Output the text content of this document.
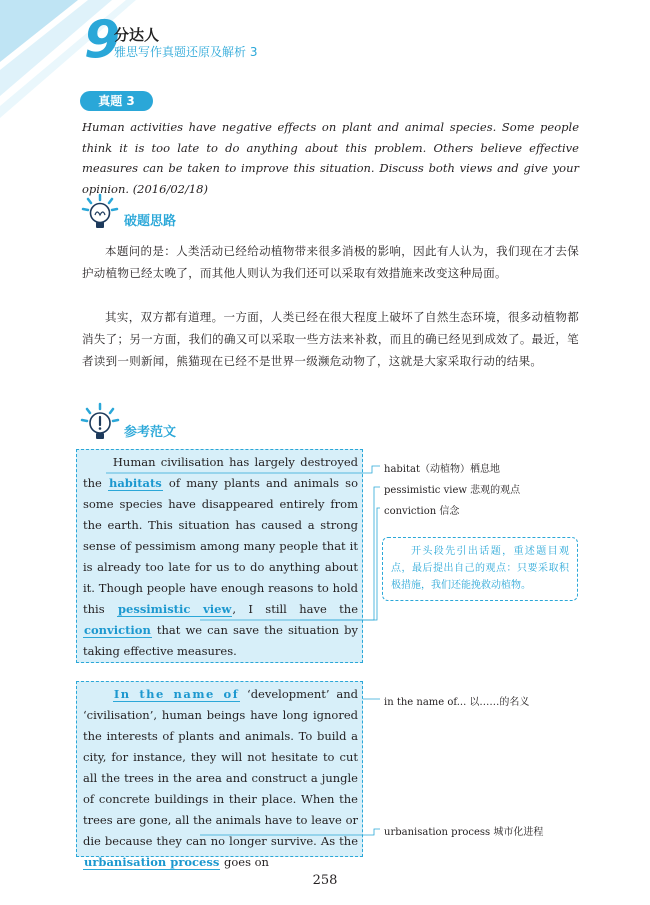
9
分达人
雅思写作真题还原及解析 3
真题 3
Human activities have negative effects on plant and animal species. Some people think it is too late to do anything about this problem. Others believe effective measures can be taken to improve this situation. Discuss both views and give your opinion. (2016/02/18)
破题思路
本题问的是：人类活动已经给动植物带来很多消极的影响，因此有人认为，我们现在才去保护动植物已经太晚了，而其他人则认为我们还可以采取有效措施来改变这种局面。
其实，双方都有道理。一方面，人类已经在很大程度上破坏了自然生态环境，很多动植物都消失了；另一方面，我们的确又可以采取一些方法来补救，而且的确已经见到成效了。最近，笔者读到一则新闻，熊猫现在已经不是世界一级濒危动物了，这就是大家采取行动的结果。
参考范文
Human civilisation has largely destroyed the habitats of many plants and animals so some species have disappeared entirely from the earth. This situation has caused a strong sense of pessimism among many people that it is already too late for us to do anything about it. Though people have enough reasons to hold this pessimistic view, I still have the conviction that we can save the situation by taking effective measures.
In the name of ‘development’ and ‘civilisation’, human beings have long ignored the interests of plants and animals. To build a city, for instance, they will not hesitate to cut all the trees in the area and construct a jungle of concrete buildings in their place. When the trees are gone, all the animals have to leave or die because they can no longer survive. As the urbanisation process goes on
habitat（动植物）栖息地
pessimistic view 悲观的观点
conviction 信念
in the name of... 以……的名义
urbanisation process 城市化进程
开头段先引出话题，重述题目观点，最后提出自己的观点：只要采取积极措施，我们还能挽救动植物。
258
